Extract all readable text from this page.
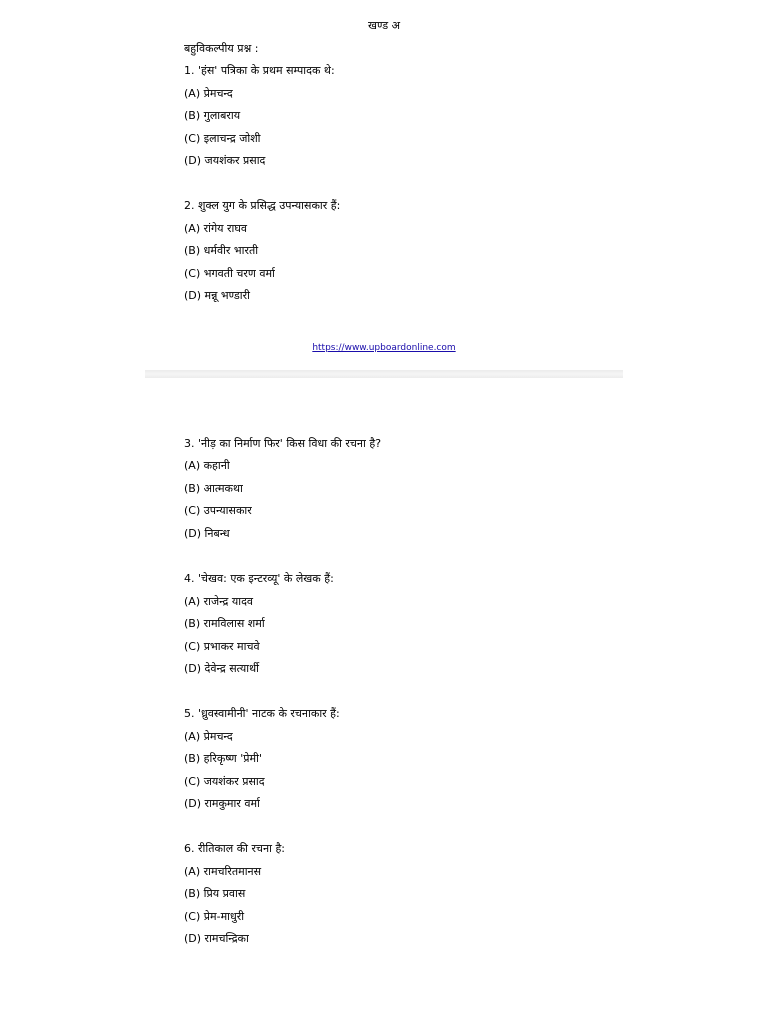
खण्ड अ
बहुविकल्पीय प्रश्न :
1. 'हंस' पत्रिका के प्रथम सम्पादक थे:
(A) प्रेमचन्द
(B) गुलाबराय
(C) इलाचन्द्र जोशी
(D) जयशंकर प्रसाद
2. शुक्ल युग के प्रसिद्ध उपन्यासकार हैं:
(A) रांगेय राघव
(B) धर्मवीर भारती
(C) भगवती चरण वर्मा
(D) मन्नू भण्डारी
https://www.upboardonline.com
3. 'नीड़ का निर्माण फिर' किस विधा की रचना है?
(A) कहानी
(B) आत्मकथा
(C) उपन्यासकार
(D) निबन्ध
4. 'चेखव: एक इन्टरव्यू' के लेखक हैं:
(A) राजेन्द्र यादव
(B) रामविलास शर्मा
(C) प्रभाकर माचवे
(D) देवेन्द्र सत्यार्थी
5. 'ध्रुवस्वामीनी' नाटक के रचनाकार हैं:
(A) प्रेमचन्द
(B) हरिकृष्ण 'प्रेमी'
(C) जयशंकर प्रसाद
(D) रामकुमार वर्मा
6. रीतिकाल की रचना है:
(A) रामचरितमानस
(B) प्रिय प्रवास
(C) प्रेम-माधुरी
(D) रामचन्द्रिका
